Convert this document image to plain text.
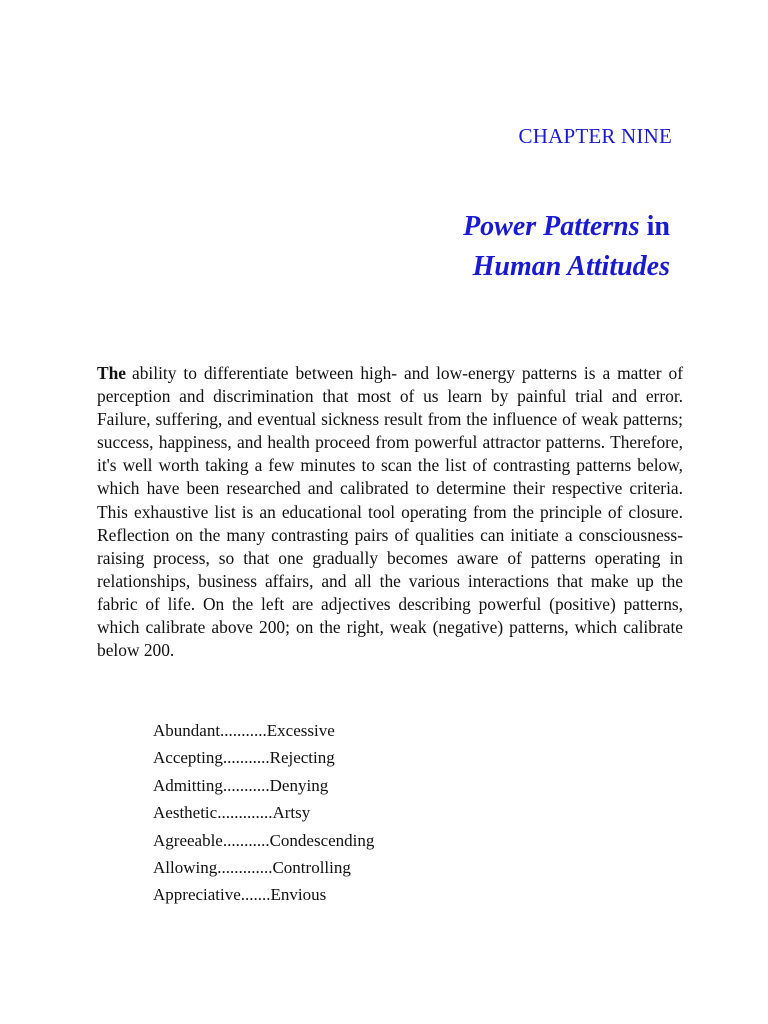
CHAPTER NINE
Power Patterns in
Human Attitudes
The ability to differentiate between high- and low-energy patterns is a matter of perception and discrimination that most of us learn by painful trial and error. Failure, suffering, and eventual sickness result from the influence of weak patterns; success, happiness, and health proceed from powerful attractor patterns. Therefore, it's well worth taking a few minutes to scan the list of contrasting patterns below, which have been researched and calibrated to determine their respective criteria. This exhaustive list is an educational tool operating from the principle of closure. Reflection on the many contrasting pairs of qualities can initiate a consciousness-raising process, so that one gradually becomes aware of patterns operating in relationships, business affairs, and all the various interactions that make up the fabric of life. On the left are adjectives describing powerful (positive) patterns, which calibrate above 200; on the right, weak (negative) patterns, which calibrate below 200.
Abundant...........Excessive
Accepting...........Rejecting
Admitting...........Denying
Aesthetic.............Artsy
Agreeable...........Condescending
Allowing.............Controlling
Appreciative.......Envious
